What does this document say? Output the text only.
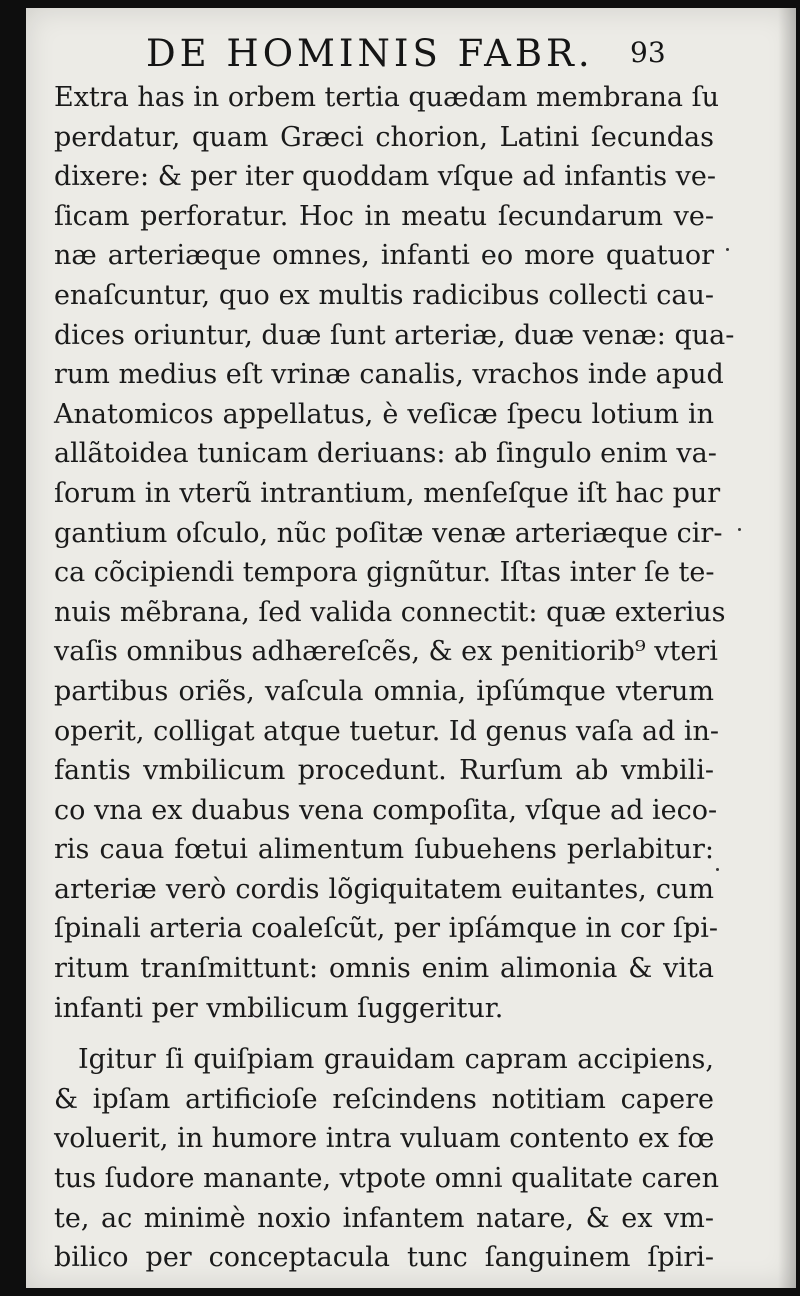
DE HOMINIS FABR. 93
Extra has in orbem tertia quædam membrana ſu
perdatur, quam Græci chorion, Latini ſecundas
dixere: & per iter quoddam vſque ad infantis ve-
ſicam perforatur. Hoc in meatu ſecundarum ve-
næ arteriæque omnes, infanti eo more quatuor
enaſcuntur, quo ex multis radicibus collecti cau-
dices oriuntur, duæ ſunt arteriæ, duæ venæ: qua-
rum medius eſt vrinæ canalis, vrachos inde apud
Anatomicos appellatus, è veſicæ ſpecu lotium in
allãtoidea tunicam deriuans: ab ſingulo enim va-
ſorum in vterũ intrantium, menſeſque iſt hac pur
gantium oſculo, nũc poſitæ venæ arteriæque cir-
ca cõcipiendi tempora gignũtur. Iſtas inter ſe te-
nuis mẽbrana, ſed valida connectit: quæ exterius
vaſis omnibus adhæreſcẽs, & ex penitiorib⁹ vteri
partibus oriẽs, vaſcula omnia, ipſúmque vterum
operit, colligat atque tuetur. Id genus vaſa ad in-
fantis vmbilicum procedunt. Rurſum ab vmbili-
co vna ex duabus vena compoſita, vſque ad ieco-
ris caua fœtui alimentum ſubuehens perlabitur:
arteriæ verò cordis lõgiquitatem euitantes, cum
ſpinali arteria coaleſcũt, per ipſámque in cor ſpi-
ritum tranſmittunt: omnis enim alimonia & vita
infanti per vmbilicum ſuggeritur.
Igitur ſi quiſpiam grauidam capram accipiens,
& ipſam artificioſe reſcindens notitiam capere
voluerit, in humore intra vuluam contento ex fœ
tus ſudore manante, vtpote omni qualitate caren
te, ac minimè noxio infantem natare, & ex vm-
bilico per conceptacula tunc ſanguinem ſpiri-
